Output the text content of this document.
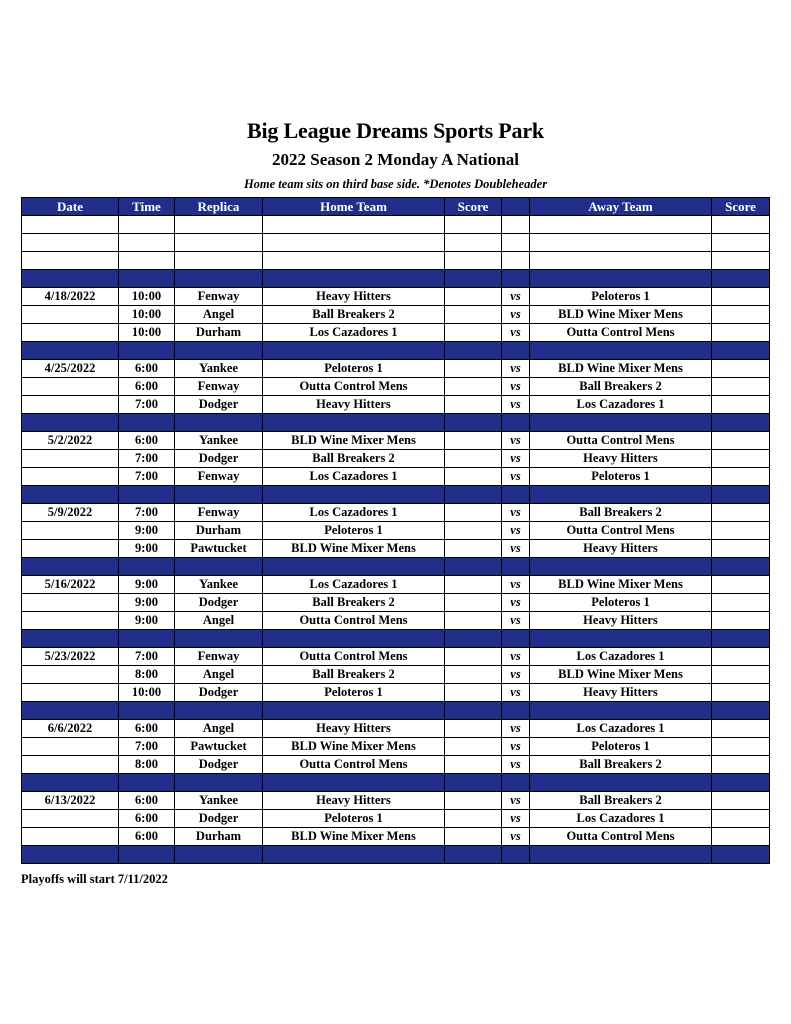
Big League Dreams Sports Park
2022 Season 2 Monday A National
Home team sits on third base side. *Denotes Doubleheader
Date	Time	Replica	Home Team	Score		Away Team	Score

4/18/2022	10:00	Fenway	Heavy Hitters		vs	Peloteros 1	
	10:00	Angel	Ball Breakers 2		vs	BLD Wine Mixer Mens	
	10:00	Durham	Los Cazadores 1		vs	Outta Control Mens	

4/25/2022	6:00	Yankee	Peloteros 1		vs	BLD Wine Mixer Mens	
	6:00	Fenway	Outta Control Mens		vs	Ball Breakers 2	
	7:00	Dodger	Heavy Hitters		vs	Los Cazadores 1	

5/2/2022	6:00	Yankee	BLD Wine Mixer Mens		vs	Outta Control Mens	
	7:00	Dodger	Ball Breakers 2		vs	Heavy Hitters	
	7:00	Fenway	Los Cazadores 1		vs	Peloteros 1	

5/9/2022	7:00	Fenway	Los Cazadores 1		vs	Ball Breakers 2	
	9:00	Durham	Peloteros 1		vs	Outta Control Mens	
	9:00	Pawtucket	BLD Wine Mixer Mens		vs	Heavy Hitters	

5/16/2022	9:00	Yankee	Los Cazadores 1		vs	BLD Wine Mixer Mens	
	9:00	Dodger	Ball Breakers 2		vs	Peloteros 1	
	9:00	Angel	Outta Control Mens		vs	Heavy Hitters	

5/23/2022	7:00	Fenway	Outta Control Mens		vs	Los Cazadores 1	
	8:00	Angel	Ball Breakers 2		vs	BLD Wine Mixer Mens	
	10:00	Dodger	Peloteros 1		vs	Heavy Hitters	

6/6/2022	6:00	Angel	Heavy Hitters		vs	Los Cazadores 1	
	7:00	Pawtucket	BLD Wine Mixer Mens		vs	Peloteros 1	
	8:00	Dodger	Outta Control Mens		vs	Ball Breakers 2	

6/13/2022	6:00	Yankee	Heavy Hitters		vs	Ball Breakers 2	
	6:00	Dodger	Peloteros 1		vs	Los Cazadores 1	
	6:00	Durham	BLD Wine Mixer Mens		vs	Outta Control Mens	

Playoffs will start 7/11/2022
